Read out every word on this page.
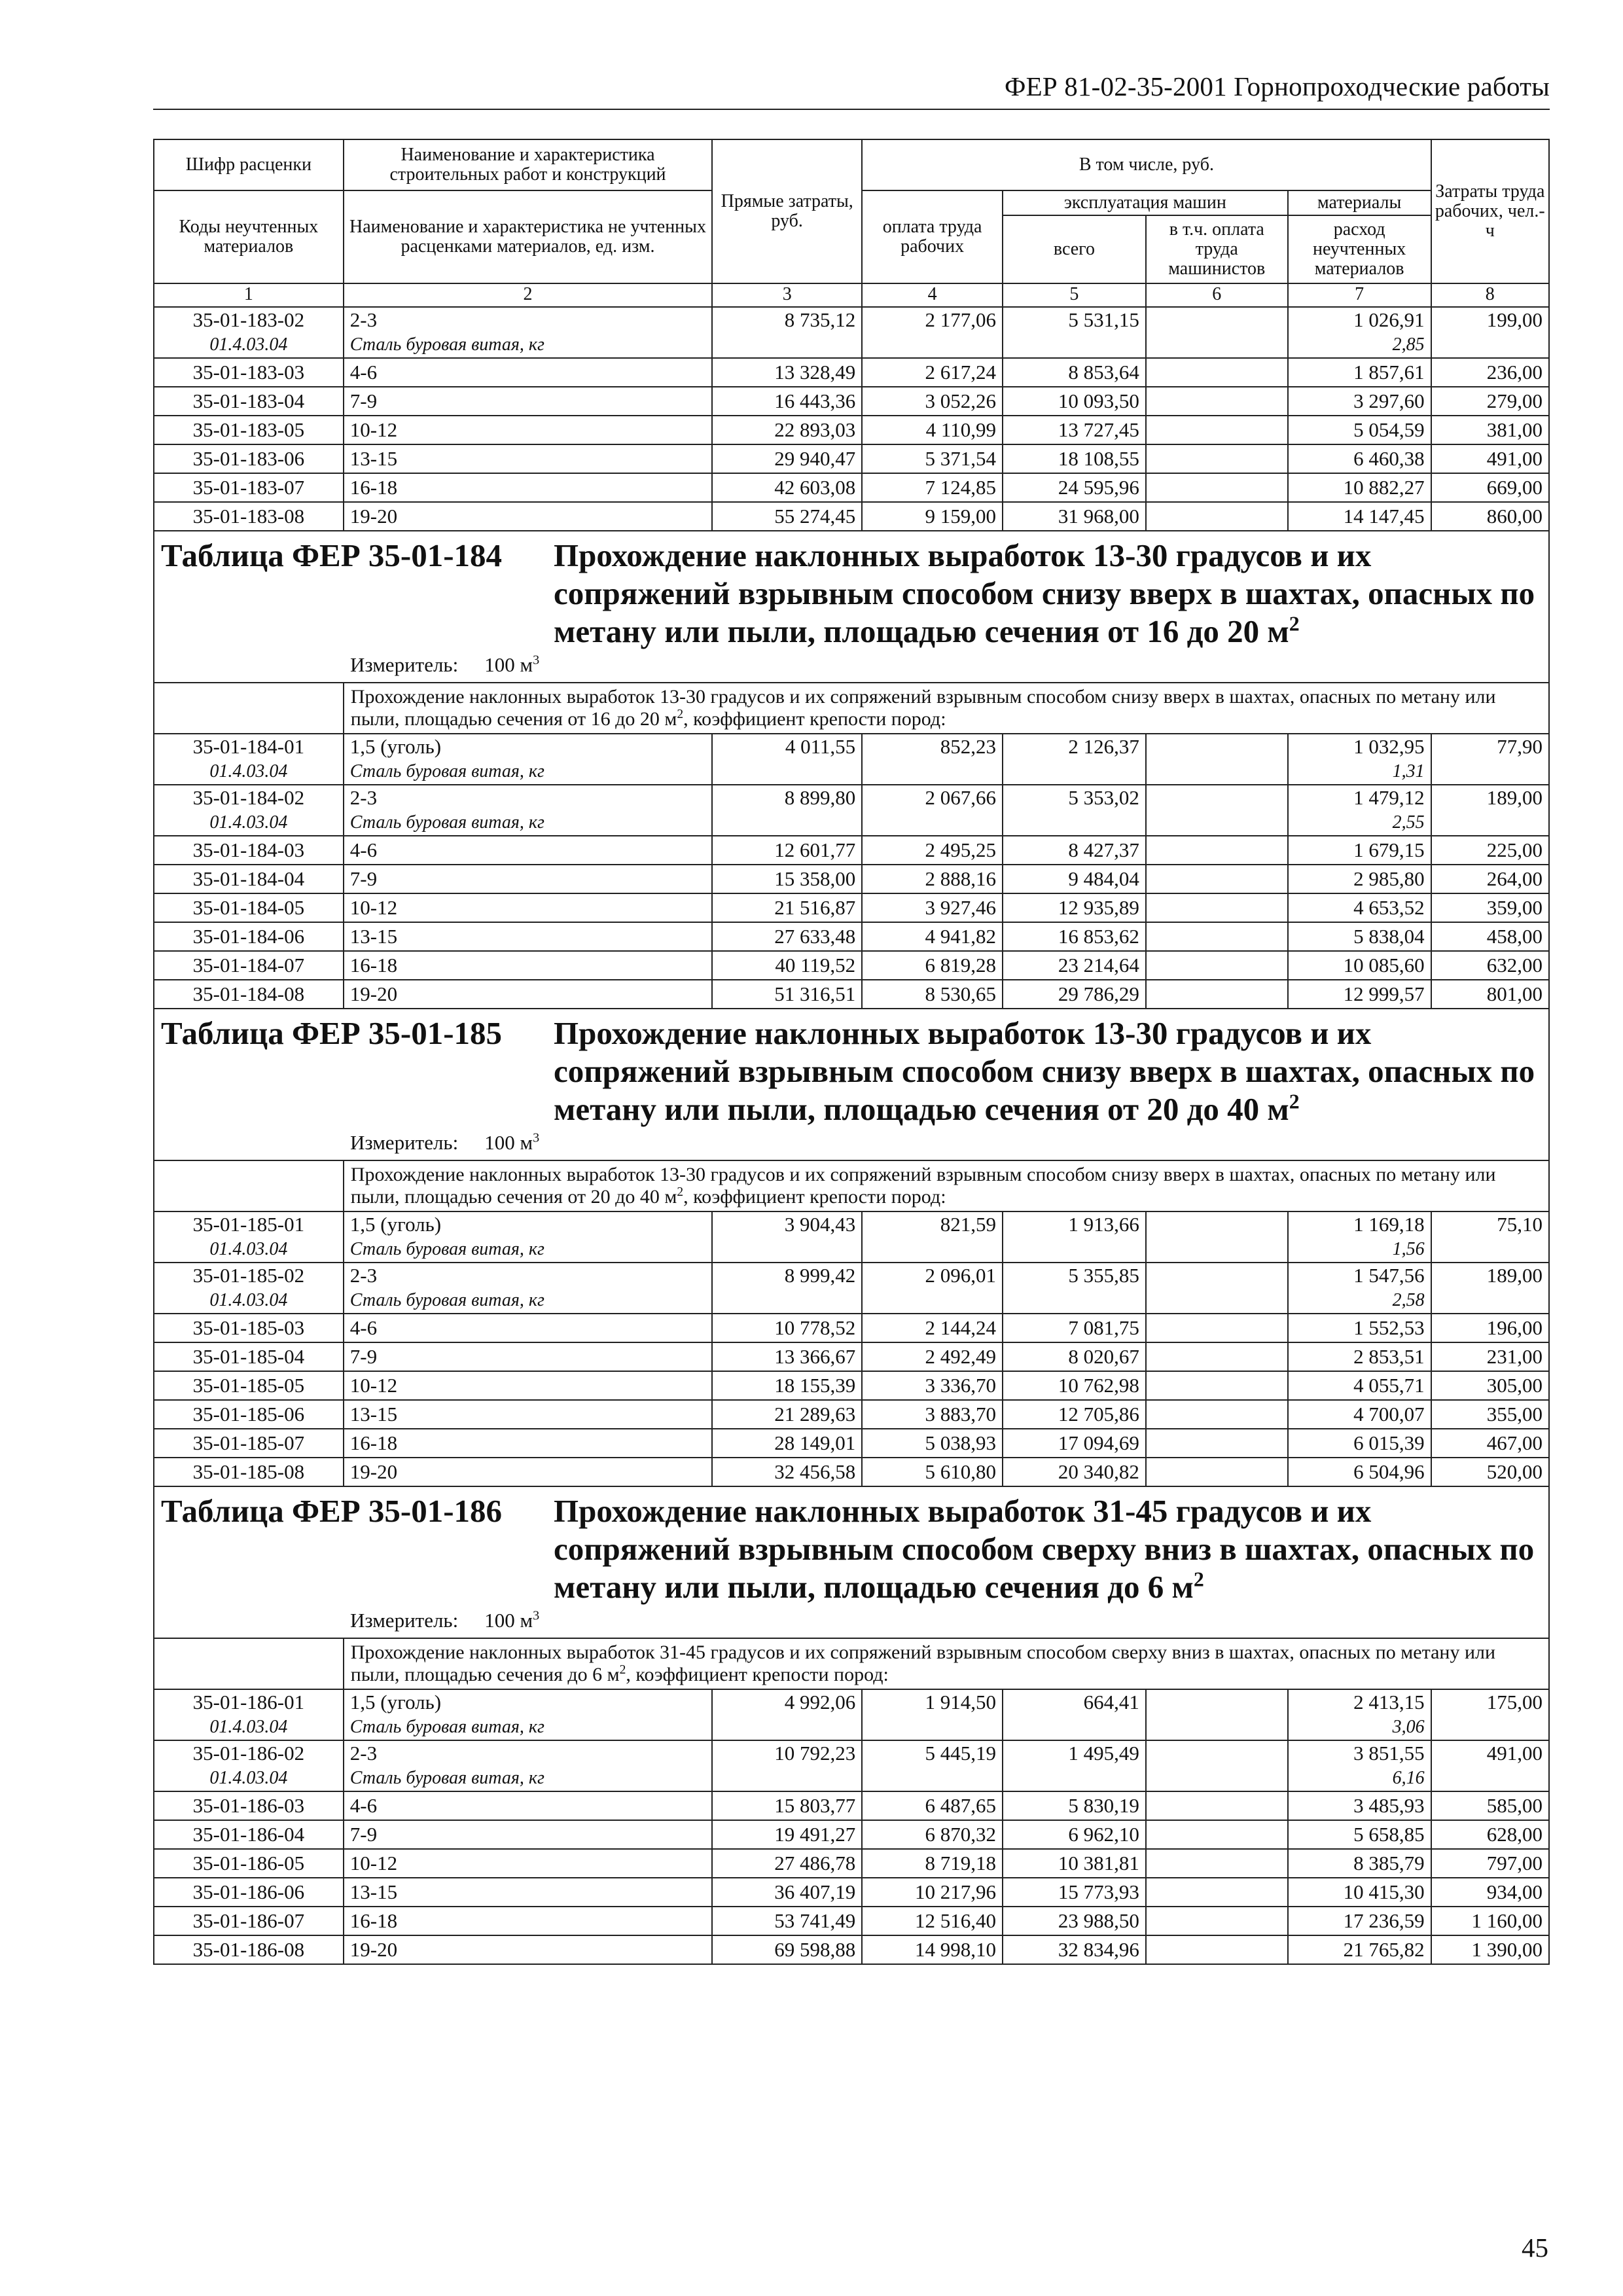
ФЕР 81-02-35-2001 Горнопроходческие работы
Шифр расценки	Наименование и характеристика строительных работ и конструкций	Прямые затраты, руб.	В том числе, руб.				Затраты труда рабочих, чел.-ч
Коды неучтенных материалов	Наименование и характеристика не учтенных расценками материалов, ед. изм.		оплата труда рабочих	эксплуатация машин		материалы	
				всего	в т.ч. оплата труда машинистов	расход неучтенных материалов	
1	2	3	4	5	6	7	8
35-01-183-02	2-3	8 735,12	2 177,06	5 531,15		1 026,91	199,00
01.4.03.04	Сталь буровая витая, кг					2,85	
35-01-183-03	4-6	13 328,49	2 617,24	8 853,64		1 857,61	236,00
35-01-183-04	7-9	16 443,36	3 052,26	10 093,50		3 297,60	279,00
35-01-183-05	10-12	22 893,03	4 110,99	13 727,45		5 054,59	381,00
35-01-183-06	13-15	29 940,47	5 371,54	18 108,55		6 460,38	491,00
35-01-183-07	16-18	42 603,08	7 124,85	24 595,96		10 882,27	669,00
35-01-183-08	19-20	55 274,45	9 159,00	31 968,00		14 147,45	860,00

Таблица ФЕР 35-01-184 Прохождение наклонных выработок 13-30 градусов и их сопряжений взрывным способом снизу вверх в шахтах, опасных по метану или пыли, площадью сечения от 16 до 20 $м^2$

Измеритель: 100 $м^3$

	Прохождение наклонных выработок 13-30 градусов и их сопряжений взрывным способом снизу вверх в шахтах, опасных по метану или пыли, площадью сечения от 16 до 20 $м^2$, коэффициент крепости пород:						
35-01-184-01	1,5 (уголь)	4 011,55	852,23	2 126,37		1 032,95	77,90
01.4.03.04	Сталь буровая витая, кг					1,31	
35-01-184-02	2-3	8 899,80	2 067,66	5 353,02		1 479,12	189,00
01.4.03.04	Сталь буровая витая, кг					2,55	
35-01-184-03	4-6	12 601,77	2 495,25	8 427,37		1 679,15	225,00
35-01-184-04	7-9	15 358,00	2 888,16	9 484,04		2 985,80	264,00
35-01-184-05	10-12	21 516,87	3 927,46	12 935,89		4 653,52	359,00
35-01-184-06	13-15	27 633,48	4 941,82	16 853,62		5 838,04	458,00
35-01-184-07	16-18	40 119,52	6 819,28	23 214,64		10 085,60	632,00
35-01-184-08	19-20	51 316,51	8 530,65	29 786,29		12 999,57	801,00

Таблица ФЕР 35-01-185 Прохождение наклонных выработок 13-30 градусов и их сопряжений взрывным способом снизу вверх в шахтах, опасных по метану или пыли, площадью сечения от 20 до 40 $м^2$

Измеритель: 100 $м^3$

	Прохождение наклонных выработок 13-30 градусов и их сопряжений взрывным способом снизу вверх в шахтах, опасных по метану или пыли, площадью сечения от 20 до 40 $м^2$, коэффициент крепости пород:						
35-01-185-01	1,5 (уголь)	3 904,43	821,59	1 913,66		1 169,18	75,10
01.4.03.04	Сталь буровая витая, кг					1,56	
35-01-185-02	2-3	8 999,42	2 096,01	5 355,85		1 547,56	189,00
01.4.03.04	Сталь буровая витая, кг					2,58	
35-01-185-03	4-6	10 778,52	2 144,24	7 081,75		1 552,53	196,00
35-01-185-04	7-9	13 366,67	2 492,49	8 020,67		2 853,51	231,00
35-01-185-05	10-12	18 155,39	3 336,70	10 762,98		4 055,71	305,00
35-01-185-06	13-15	21 289,63	3 883,70	12 705,86		4 700,07	355,00
35-01-185-07	16-18	28 149,01	5 038,93	17 094,69		6 015,39	467,00
35-01-185-08	19-20	32 456,58	5 610,80	20 340,82		6 504,96	520,00

Таблица ФЕР 35-01-186 Прохождение наклонных выработок 31-45 градусов и их сопряжений взрывным способом сверху вниз в шахтах, опасных по метану или пыли, площадью сечения до 6 $м^2$

Измеритель: 100 $м^3$

	Прохождение наклонных выработок 31-45 градусов и их сопряжений взрывным способом сверху вниз в шахтах, опасных по метану или пыли, площадью сечения до 6 $м^2$, коэффициент крепости пород:						
35-01-186-01	1,5 (уголь)	4 992,06	1 914,50	664,41		2 413,15	175,00
01.4.03.04	Сталь буровая витая, кг					3,06	
35-01-186-02	2-3	10 792,23	5 445,19	1 495,49		3 851,55	491,00
01.4.03.04	Сталь буровая витая, кг					6,16	
35-01-186-03	4-6	15 803,77	6 487,65	5 830,19		3 485,93	585,00
35-01-186-04	7-9	19 491,27	6 870,32	6 962,10		5 658,85	628,00
35-01-186-05	10-12	27 486,78	8 719,18	10 381,81		8 385,79	797,00
35-01-186-06	13-15	36 407,19	10 217,96	15 773,93		10 415,30	934,00
35-01-186-07	16-18	53 741,49	12 516,40	23 988,50		17 236,59	1 160,00
35-01-186-08	19-20	69 598,88	14 998,10	32 834,96		21 765,82	1 390,00
45
